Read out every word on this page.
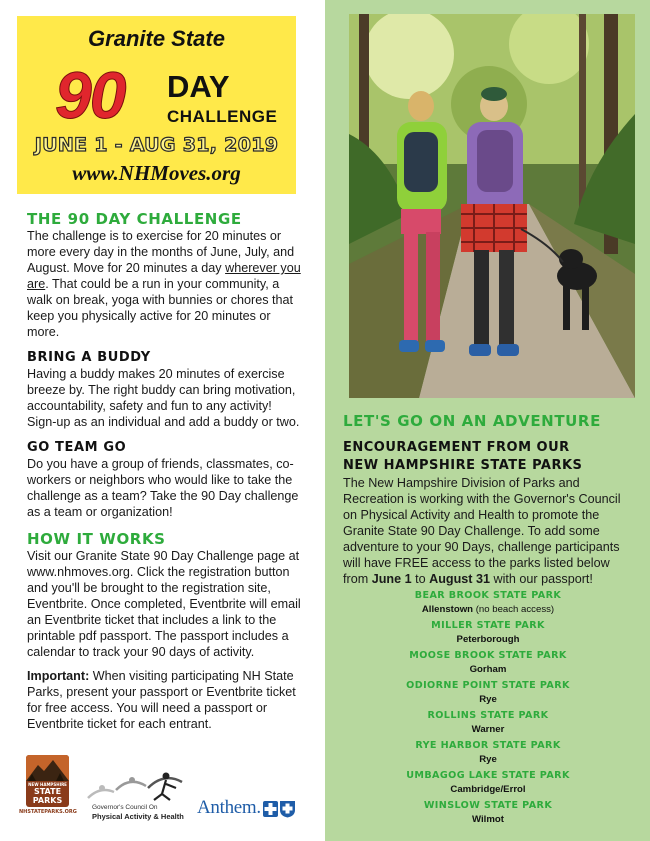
Granite State
90 DAY
CHALLENGE
JUNE 1 - AUG 31, 2019
www.NHMoves.org
THE 90 DAY CHALLENGE

The challenge is to exercise for 20 minutes or more every day in the months of June, July, and August. Move for 20 minutes a day wherever you are. That could be a run in your community, a walk on break, yoga with bunnies or chores that keep you physically active for 20 minutes or more.

BRING A BUDDY

Having a buddy makes 20 minutes of exercise breeze by. The right buddy can bring motivation, accountability, safety and fun to any activity! Sign-up as an individual and add a buddy or two.

GO TEAM GO

Do you have a group of friends, classmates, co-workers or neighbors who would like to take the challenge as a team? Take the 90 Day challenge as a team or organization!

HOW IT WORKS

Visit our Granite State 90 Day Challenge page at www.nhmoves.org. Click the registration button and you'll be brought to the registration site, Eventbrite. Once completed, Eventbrite will email an Eventbrite ticket that includes a link to the printable pdf passport. The passport includes a calendar to track your 90 days of activity.

Important: When visiting participating NH State Parks, present your passport or Eventbrite ticket for free access. You will need a passport or Eventbrite ticket for each entrant.

LET'S GO ON AN ADVENTURE
ENCOURAGEMENT FROM OUR
NEW HAMPSHIRE STATE PARKS

The New Hampshire Division of Parks and Recreation is working with the Governor's Council on Physical Activity and Health to promote the Granite State 90 Day Challenge. To add some adventure to your 90 Days, challenge participants will have FREE access to the parks listed below from June 1 to August 31 with our passport!

BEAR BROOK STATE PARK
Allenstown (no beach access)
MILLER STATE PARK
Peterborough
MOOSE BROOK STATE PARK
Gorham
ODIORNE POINT STATE PARK
Rye
ROLLINS STATE PARK
Warner
RYE HARBOR STATE PARK
Rye
UMBAGOG LAKE STATE PARK
Cambridge/Errol
WINSLOW STATE PARK
Wilmot
NEW HAMPSHIRE
STATE
PARKS
NHSTATEPARKS.ORG
Governor's Council On
Physical Activity & Health Anthem.
